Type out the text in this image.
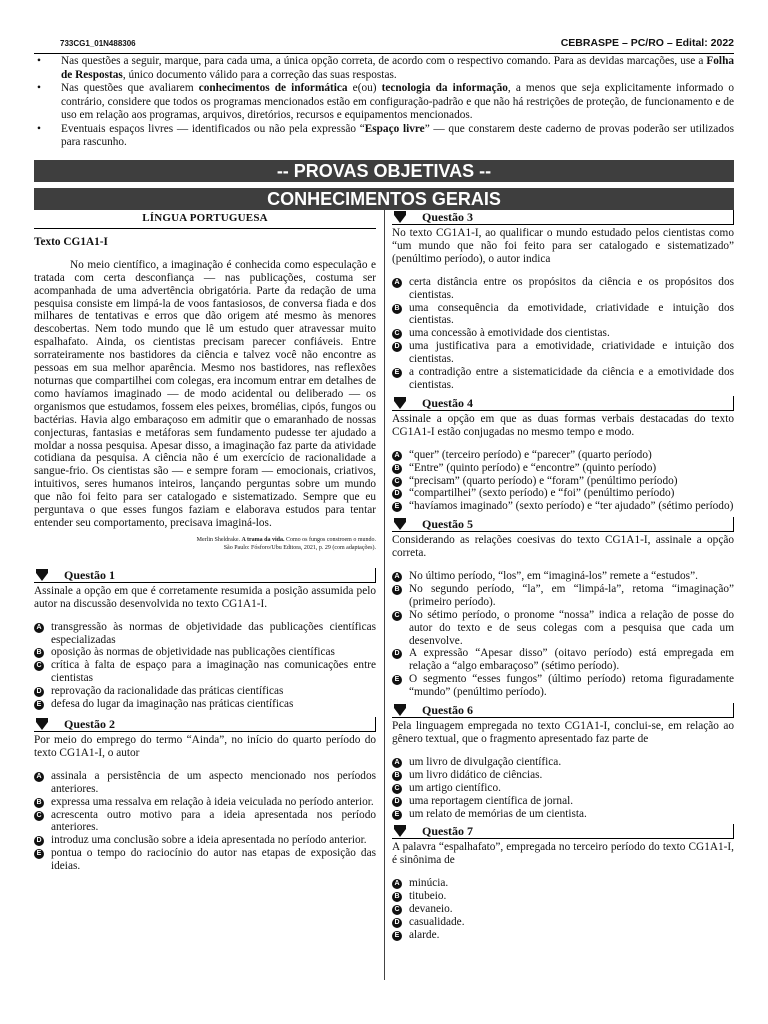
733CG1_01N488306	CEBRASPE – PC/RO – Edital: 2022
• Nas questões a seguir, marque, para cada uma, a única opção correta, de acordo com o respectivo comando. Para as devidas marcações, use a Folha de Respostas, único documento válido para a correção das suas respostas.
• Nas questões que avaliarem conhecimentos de informática e(ou) tecnologia da informação, a menos que seja explicitamente informado o contrário, considere que todos os programas mencionados estão em configuração-padrão e que não há restrições de proteção, de funcionamento e de uso em relação aos programas, arquivos, diretórios, recursos e equipamentos mencionados.
• Eventuais espaços livres — identificados ou não pela expressão “Espaço livre” — que constarem deste caderno de provas poderão ser utilizados para rascunho.
-- PROVAS OBJETIVAS --
CONHECIMENTOS GERAIS
LÍNGUA PORTUGUESA
Texto CG1A1-I

No meio científico, a imaginação é conhecida como especulação e tratada com certa desconfiança — nas publicações, costuma ser acompanhada de uma advertência obrigatória. Parte da redação de uma pesquisa consiste em limpá-la de voos fantasiosos, de conversa fiada e dos milhares de tentativas e erros que dão origem até mesmo às menores descobertas. Nem todo mundo que lê um estudo quer atravessar muito espalhafato. Ainda, os cientistas precisam parecer confiáveis. Entre sorrateiramente nos bastidores da ciência e talvez você não encontre as pessoas em sua melhor aparência. Mesmo nos bastidores, nas reflexões noturnas que compartilhei com colegas, era incomum entrar em detalhes de como havíamos imaginado — de modo acidental ou deliberado — os organismos que estudamos, fossem eles peixes, bromélias, cipós, fungos ou bactérias. Havia algo embaraçoso em admitir que o emaranhado de nossas conjecturas, fantasias e metáforas sem fundamento pudesse ter ajudado a moldar a nossa pesquisa. Apesar disso, a imaginação faz parte da atividade cotidiana da pesquisa. A ciência não é um exercício de racionalidade a sangue-frio. Os cientistas são — e sempre foram — emocionais, criativos, intuitivos, seres humanos inteiros, lançando perguntas sobre um mundo que não foi feito para ser catalogado e sistematizado. Sempre que eu perguntava o que esses fungos faziam e elaborava estudos para tentar entender seu comportamento, precisava imaginá-los.

Merlin Sheldrake. A trama da vida. Como os fungos constroem o mundo.
São Paulo: Fósforo/Ubu Editora, 2021, p. 29 (com adaptações).
Questão 1

Assinale a opção em que é corretamente resumida a posição assumida pelo autor na discussão desenvolvida no texto CG1A1-I.

A transgressão às normas de objetividade das publicações científicas especializadas
B oposição às normas de objetividade nas publicações científicas
C crítica à falta de espaço para a imaginação nas comunicações entre cientistas
D reprovação da racionalidade das práticas científicas
E defesa do lugar da imaginação nas práticas científicas
Questão 2

Por meio do emprego do termo “Ainda”, no início do quarto período do texto CG1A1-I, o autor

A assinala a persistência de um aspecto mencionado nos períodos anteriores.
B expressa uma ressalva em relação à ideia veiculada no período anterior.
C acrescenta outro motivo para a ideia apresentada nos período anteriores.
D introduz uma conclusão sobre a ideia apresentada no período anterior.
E pontua o tempo do raciocínio do autor nas etapas de exposição das ideias.
Questão 3

No texto CG1A1-I, ao qualificar o mundo estudado pelos cientistas como “um mundo que não foi feito para ser catalogado e sistematizado” (penúltimo período), o autor indica

A certa distância entre os propósitos da ciência e os propósitos dos cientistas.
B uma consequência da emotividade, criatividade e intuição dos cientistas.
C uma concessão à emotividade dos cientistas.
D uma justificativa para a emotividade, criatividade e intuição dos cientistas.
E a contradição entre a sistematicidade da ciência e a emotividade dos cientistas.
Questão 4

Assinale a opção em que as duas formas verbais destacadas do texto CG1A1-I estão conjugadas no mesmo tempo e modo.

A “quer” (terceiro período) e “parecer” (quarto período)
B “Entre” (quinto período) e “encontre” (quinto período)
C “precisam” (quarto período) e “foram” (penúltimo período)
D “compartilhei” (sexto período) e “foi” (penúltimo período)
E “havíamos imaginado” (sexto período) e “ter ajudado” (sétimo período)
Questão 5

Considerando as relações coesivas do texto CG1A1-I, assinale a opção correta.

A No último período, “los”, em “imaginá-los” remete a “estudos”.
B No segundo período, “la”, em “limpá-la”, retoma “imaginação” (primeiro período).
C No sétimo período, o pronome “nossa” indica a relação de posse do autor do texto e de seus colegas com a pesquisa que cada um desenvolve.
D A expressão “Apesar disso” (oitavo período) está empregada em relação a “algo embaraçoso” (sétimo período).
E O segmento “esses fungos” (último período) retoma figuradamente “mundo” (penúltimo período).
Questão 6

Pela linguagem empregada no texto CG1A1-I, conclui-se, em relação ao gênero textual, que o fragmento apresentado faz parte de

A um livro de divulgação científica.
B um livro didático de ciências.
C um artigo científico.
D uma reportagem científica de jornal.
E um relato de memórias de um cientista.
Questão 7

A palavra “espalhafato”, empregada no terceiro período do texto CG1A1-I, é sinônima de

A minúcia.
B titubeio.
C devaneio.
D casualidade.
E alarde.
